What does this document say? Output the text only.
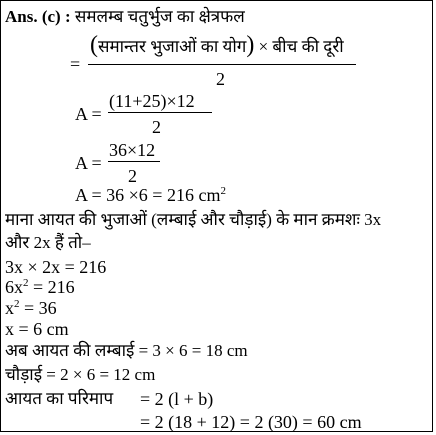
Ans. (c) : समलम्ब चतुर्भुज का क्षेत्रफल
=
(समान्तर भुजाओं का योग) × बीच की दूरी
2
A =
(11+25)×12
2
A =
36×12
2
A = 36 ×6 = 216 $cm^2$
माना आयत की भुजाओं (लम्बाई और चौड़ाई) के मान क्रमशः 3x
और 2x हैं तो–
3x × 2x = 216
$6x^2 = 216$
$x^2 = 36$
x = 6 cm
अब आयत की लम्बाई = 3 × 6 = 18 cm
चौड़ाई = 2 × 6 = 12 cm
आयत का परिमाप = 2 (l + b)
= 2 (18 + 12) = 2 (30) = 60 cm
